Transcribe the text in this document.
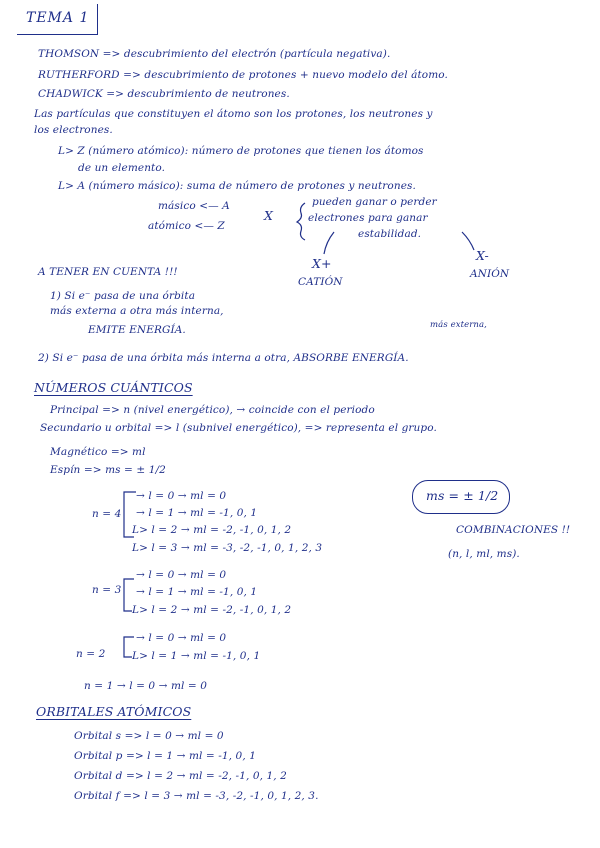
TEMA 1
THOMSON => descubrimiento del electrón (partícula negativa).
RUTHERFORD => descubrimiento de protones + nuevo modelo del átomo.
CHADWICK => descubrimiento de neutrones.
Las partículas que constituyen el átomo son los protones, los neutrones y
los electrones.
L> Z (número atómico): número de protones que tienen los átomos
de un elemento.
L> A (número másico): suma de número de protones y neutrones.
másico <— A
atómico <— Z
X
pueden ganar o perder
electrones para ganar
estabilidad.
X+
X-
CATIÓN
ANIÓN
A TENER EN CUENTA !!!
1) Si e⁻ pasa de una órbita
más externa a otra más interna,
EMITE ENERGÍA.	más externa,
2) Si e⁻ pasa de una órbita más interna a otra, ABSORBE ENERGÍA.
NÚMEROS CUÁNTICOS
Principal => n (nivel energético), → coincide con el periodo
Secundario u orbital => l (subnivel energético), => representa el grupo.
Magnético => ml
Espín => ms = ± 1/2
ms = ± 1/2
COMBINACIONES !!
(n, l, ml, ms).
n = 4
→ l = 0 → ml = 0
→ l = 1 → ml = -1, 0, 1
L> l = 2 → ml = -2, -1, 0, 1, 2
L> l = 3 → ml = -3, -2, -1, 0, 1, 2, 3
n = 3
→ l = 0 → ml = 0
→ l = 1 → ml = -1, 0, 1
L> l = 2 → ml = -2, -1, 0, 1, 2
n = 2
→ l = 0 → ml = 0
L> l = 1 → ml = -1, 0, 1
n = 1 → l = 0 → ml = 0
ORBITALES ATÓMICOS
Orbital s => l = 0 → ml = 0
Orbital p => l = 1 → ml = -1, 0, 1
Orbital d => l = 2 → ml = -2, -1, 0, 1, 2
Orbital f => l = 3 → ml = -3, -2, -1, 0, 1, 2, 3.
